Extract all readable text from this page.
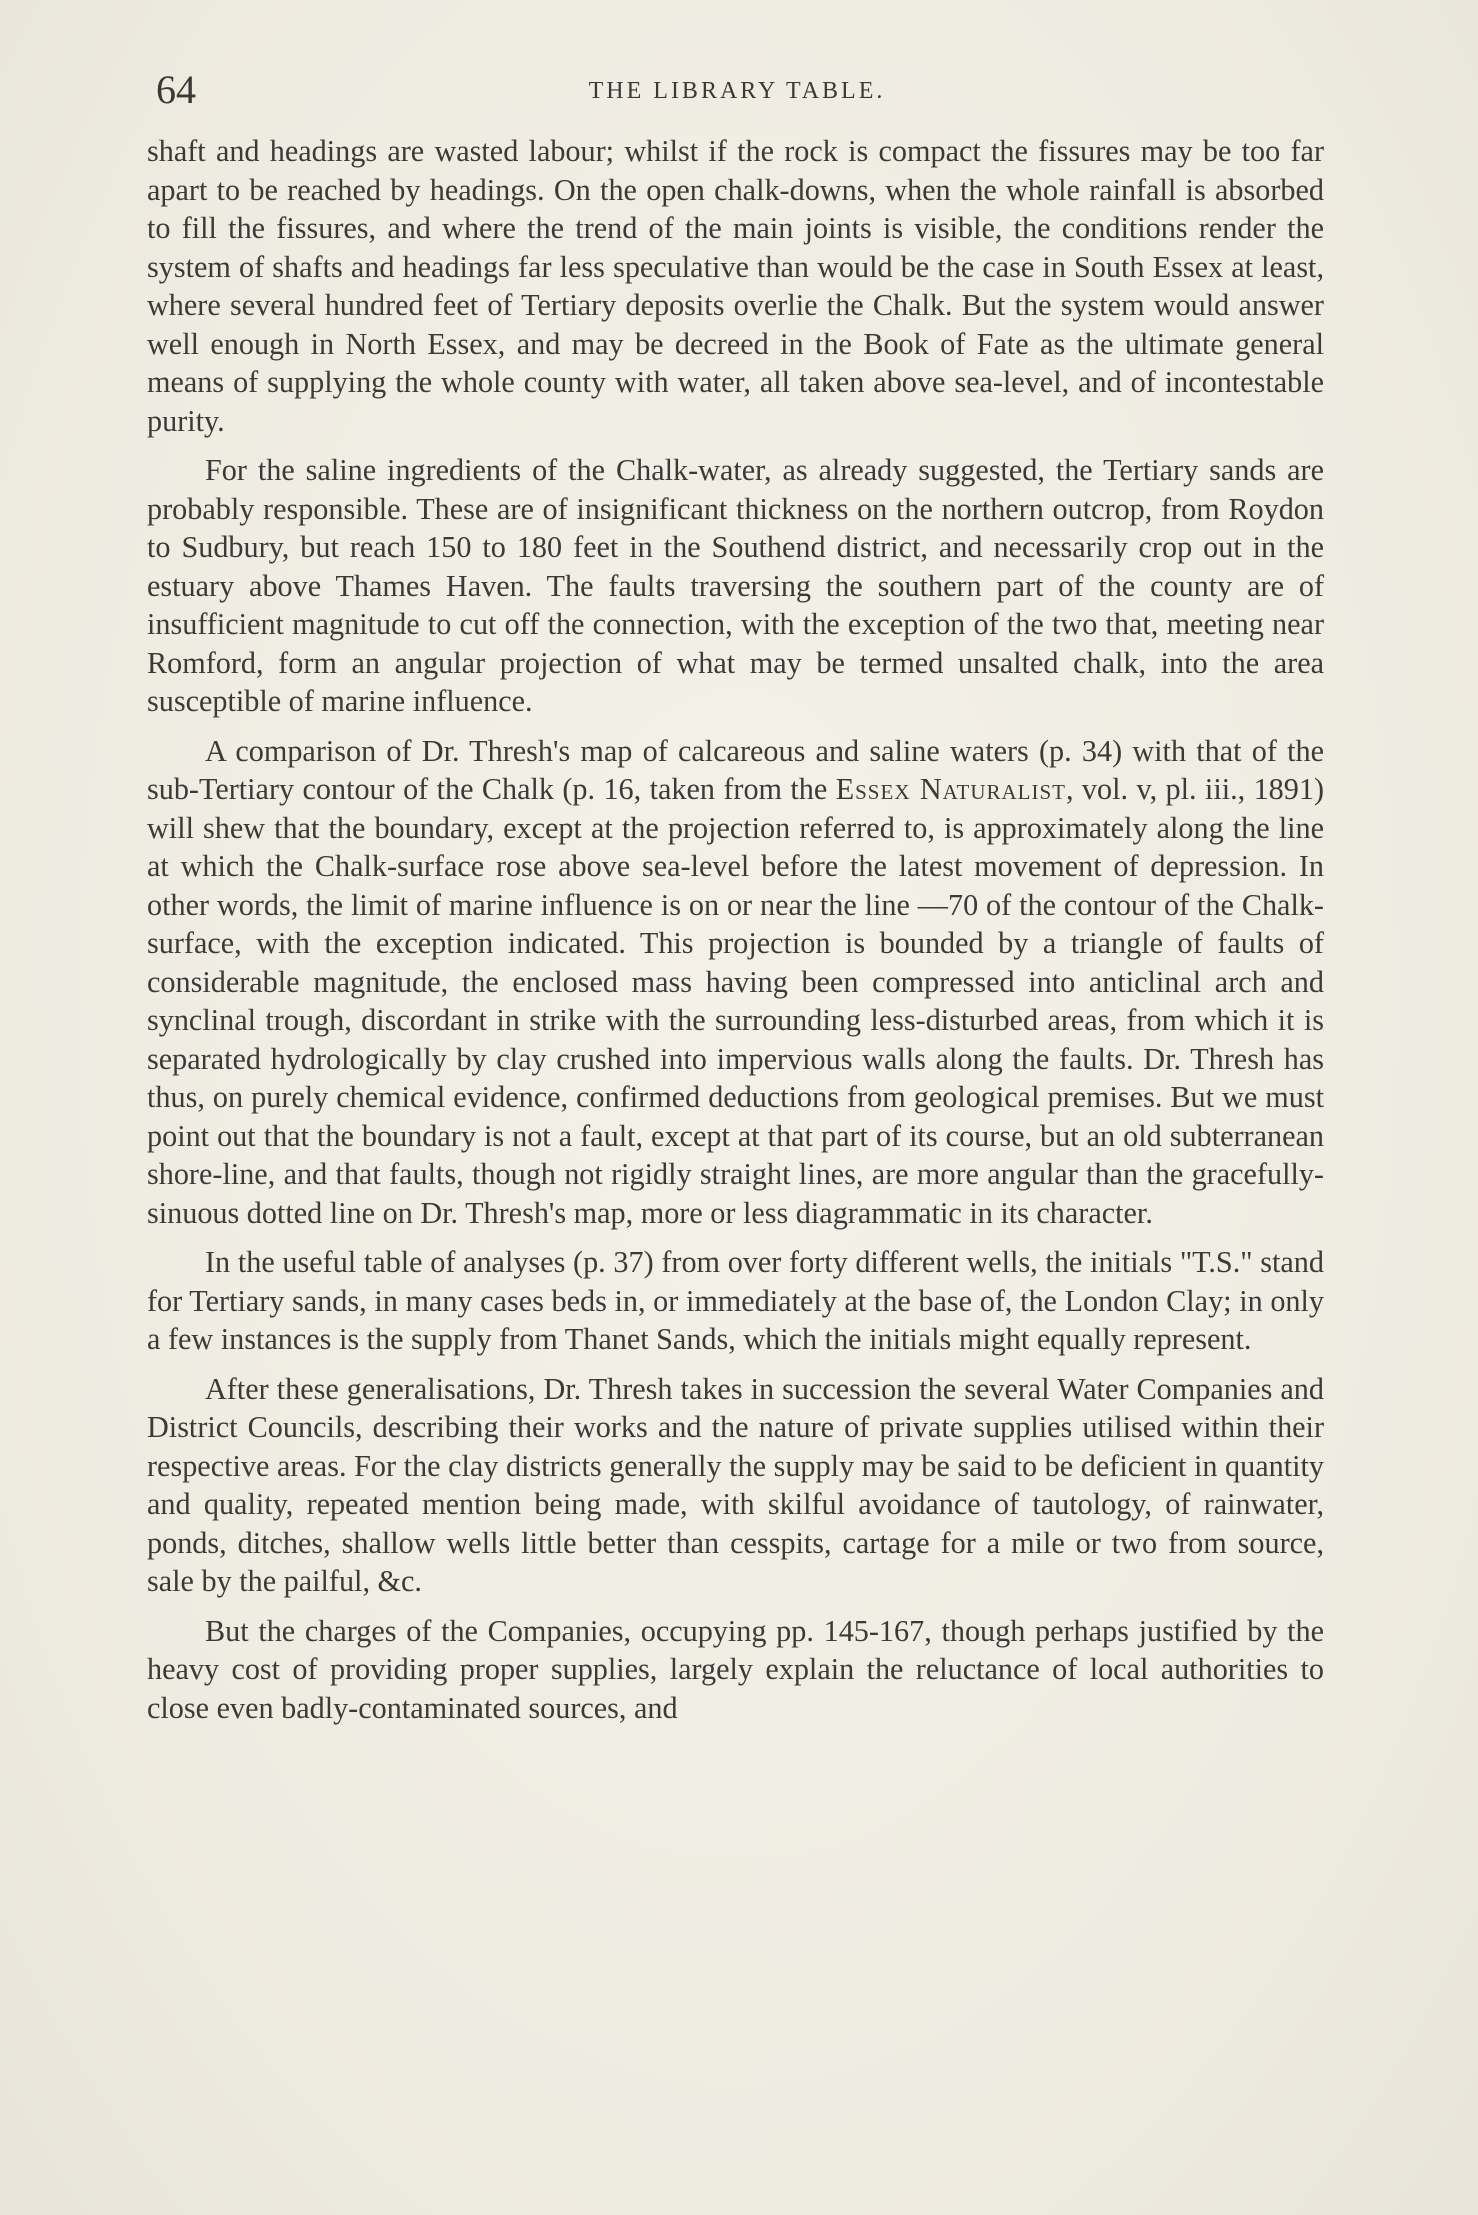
64	THE LIBRARY TABLE.

shaft and headings are wasted labour; whilst if the rock is compact the fissures may be too far apart to be reached by headings. On the open chalk-downs, when the whole rainfall is absorbed to fill the fissures, and where the trend of the main joints is visible, the conditions render the system of shafts and headings far less speculative than would be the case in South Essex at least, where several hundred feet of Tertiary deposits overlie the Chalk. But the system would answer well enough in North Essex, and may be decreed in the Book of Fate as the ultimate general means of supplying the whole county with water, all taken above sea-level, and of incontestable purity.

For the saline ingredients of the Chalk-water, as already suggested, the Tertiary sands are probably responsible. These are of insignificant thickness on the northern outcrop, from Roydon to Sudbury, but reach 150 to 180 feet in the Southend district, and necessarily crop out in the estuary above Thames Haven. The faults traversing the southern part of the county are of insufficient magnitude to cut off the connection, with the exception of the two that, meeting near Romford, form an angular projection of what may be termed unsalted chalk, into the area susceptible of marine influence.

A comparison of Dr. Thresh's map of calcareous and saline waters (p. 34) with that of the sub-Tertiary contour of the Chalk (p. 16, taken from the Essex Naturalist, vol. v, pl. iii., 1891) will shew that the boundary, except at the projection referred to, is approximately along the line at which the Chalk-surface rose above sea-level before the latest movement of depression. In other words, the limit of marine influence is on or near the line —70 of the contour of the Chalk-surface, with the exception indicated. This projection is bounded by a triangle of faults of considerable magnitude, the enclosed mass having been compressed into anticlinal arch and synclinal trough, discordant in strike with the surrounding less-disturbed areas, from which it is separated hydrologically by clay crushed into impervious walls along the faults. Dr. Thresh has thus, on purely chemical evidence, confirmed deductions from geological premises. But we must point out that the boundary is not a fault, except at that part of its course, but an old subterranean shore-line, and that faults, though not rigidly straight lines, are more angular than the gracefully-sinuous dotted line on Dr. Thresh's map, more or less diagrammatic in its character.

In the useful table of analyses (p. 37) from over forty different wells, the initials "T.S." stand for Tertiary sands, in many cases beds in, or immediately at the base of, the London Clay; in only a few instances is the supply from Thanet Sands, which the initials might equally represent.

After these generalisations, Dr. Thresh takes in succession the several Water Companies and District Councils, describing their works and the nature of private supplies utilised within their respective areas. For the clay districts generally the supply may be said to be deficient in quantity and quality, repeated mention being made, with skilful avoidance of tautology, of rainwater, ponds, ditches, shallow wells little better than cesspits, cartage for a mile or two from source, sale by the pailful, &c.

But the charges of the Companies, occupying pp. 145-167, though perhaps justified by the heavy cost of providing proper supplies, largely explain the reluctance of local authorities to close even badly-contaminated sources, and
